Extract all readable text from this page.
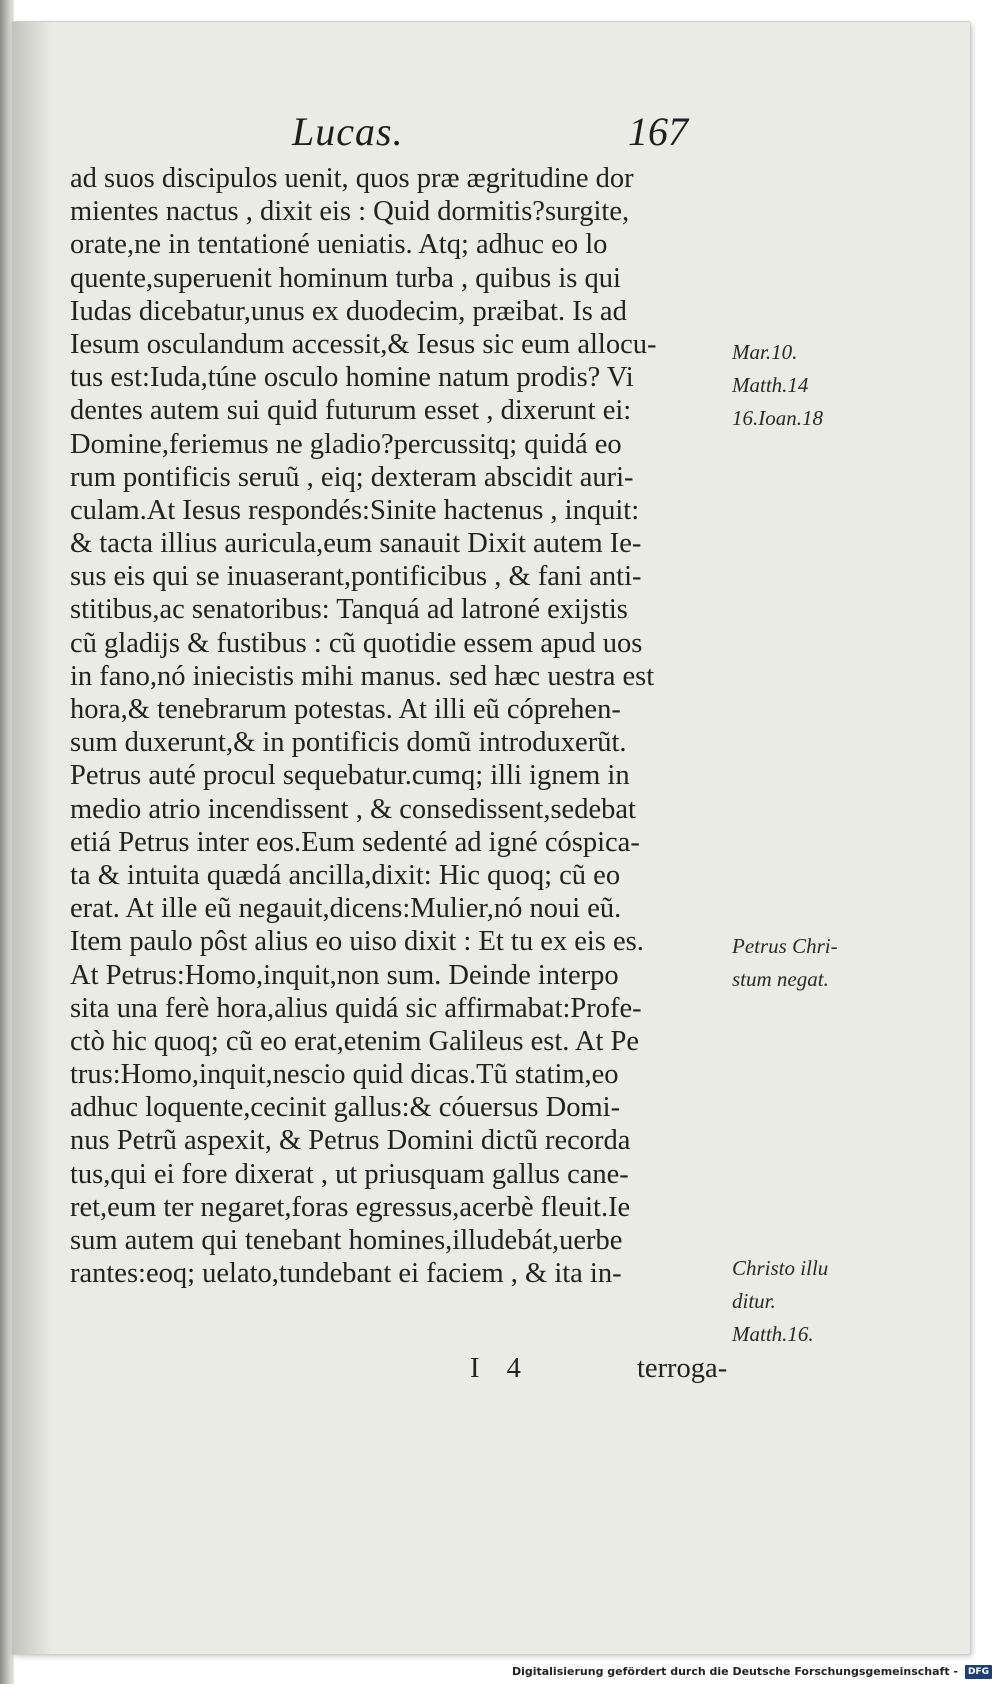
Lucas.	167
ad suos discipulos uenit, quos præ ægritudine dor
mientes nactus , dixit eis : Quid dormitis?surgite,
orate,ne in tentationé ueniatis. Atq; adhuc eo lo
quente,superuenit hominum turba , quibus is qui
Iudas dicebatur,unus ex duodecim, præibat. Is ad
Iesum osculandum accessit,& Iesus sic eum allocu-
tus est:Iuda,túne osculo homine natum prodis? Vi
dentes autem sui quid futurum esset , dixerunt ei:
Domine,feriemus ne gladio?percussitq; quidá eo
rum pontificis seruũ , eiq; dexteram abscidit auri-
culam.At Iesus respondés:Sinite hactenus , inquit:
& tacta illius auricula,eum sanauit Dixit autem Ie-
sus eis qui se inuaserant,pontificibus , & fani anti-
stitibus,ac senatoribus: Tanquá ad latroné exijstis
cũ gladijs & fustibus : cũ quotidie essem apud uos
in fano,nó iniecistis mihi manus. sed hæc uestra est
hora,& tenebrarum potestas. At illi eũ cóprehen-
sum duxerunt,& in pontificis domũ introduxerũt.
Petrus auté procul sequebatur.cumq; illi ignem in
medio atrio incendissent , & consedissent,sedebat
etiá Petrus inter eos.Eum sedenté ad igné cóspica-
ta & intuita quædá ancilla,dixit: Hic quoq; cũ eo
erat. At ille eũ negauit,dicens:Mulier,nó noui eũ.
Item paulo pôst alius eo uiso dixit : Et tu ex eis es.
At Petrus:Homo,inquit,non sum. Deinde interpo
sita una ferè hora,alius quidá sic affirmabat:Profe-
ctò hic quoq; cũ eo erat,etenim Galileus est. At Pe
trus:Homo,inquit,nescio quid dicas.Tũ statim,eo
adhuc loquente,cecinit gallus:& cóuersus Domi-
nus Petrũ aspexit, & Petrus Domini dictũ recorda
tus,qui ei fore dixerat , ut priusquam gallus cane-
ret,eum ter negaret,foras egressus,acerbè fleuit.Ie
sum autem qui tenebant homines,illudebát,uerbe
rantes:eoq; uelato,tundebant ei faciem , & ita in-
Mar.10.
Matth.14
16.Ioan.18
Petrus Chri-
stum negat.
Christo illu
ditur.
Matth.16.
I 4	terroga-
Digitalisierung gefördert durch die Deutsche Forschungsgemeinschaft -	DFG
